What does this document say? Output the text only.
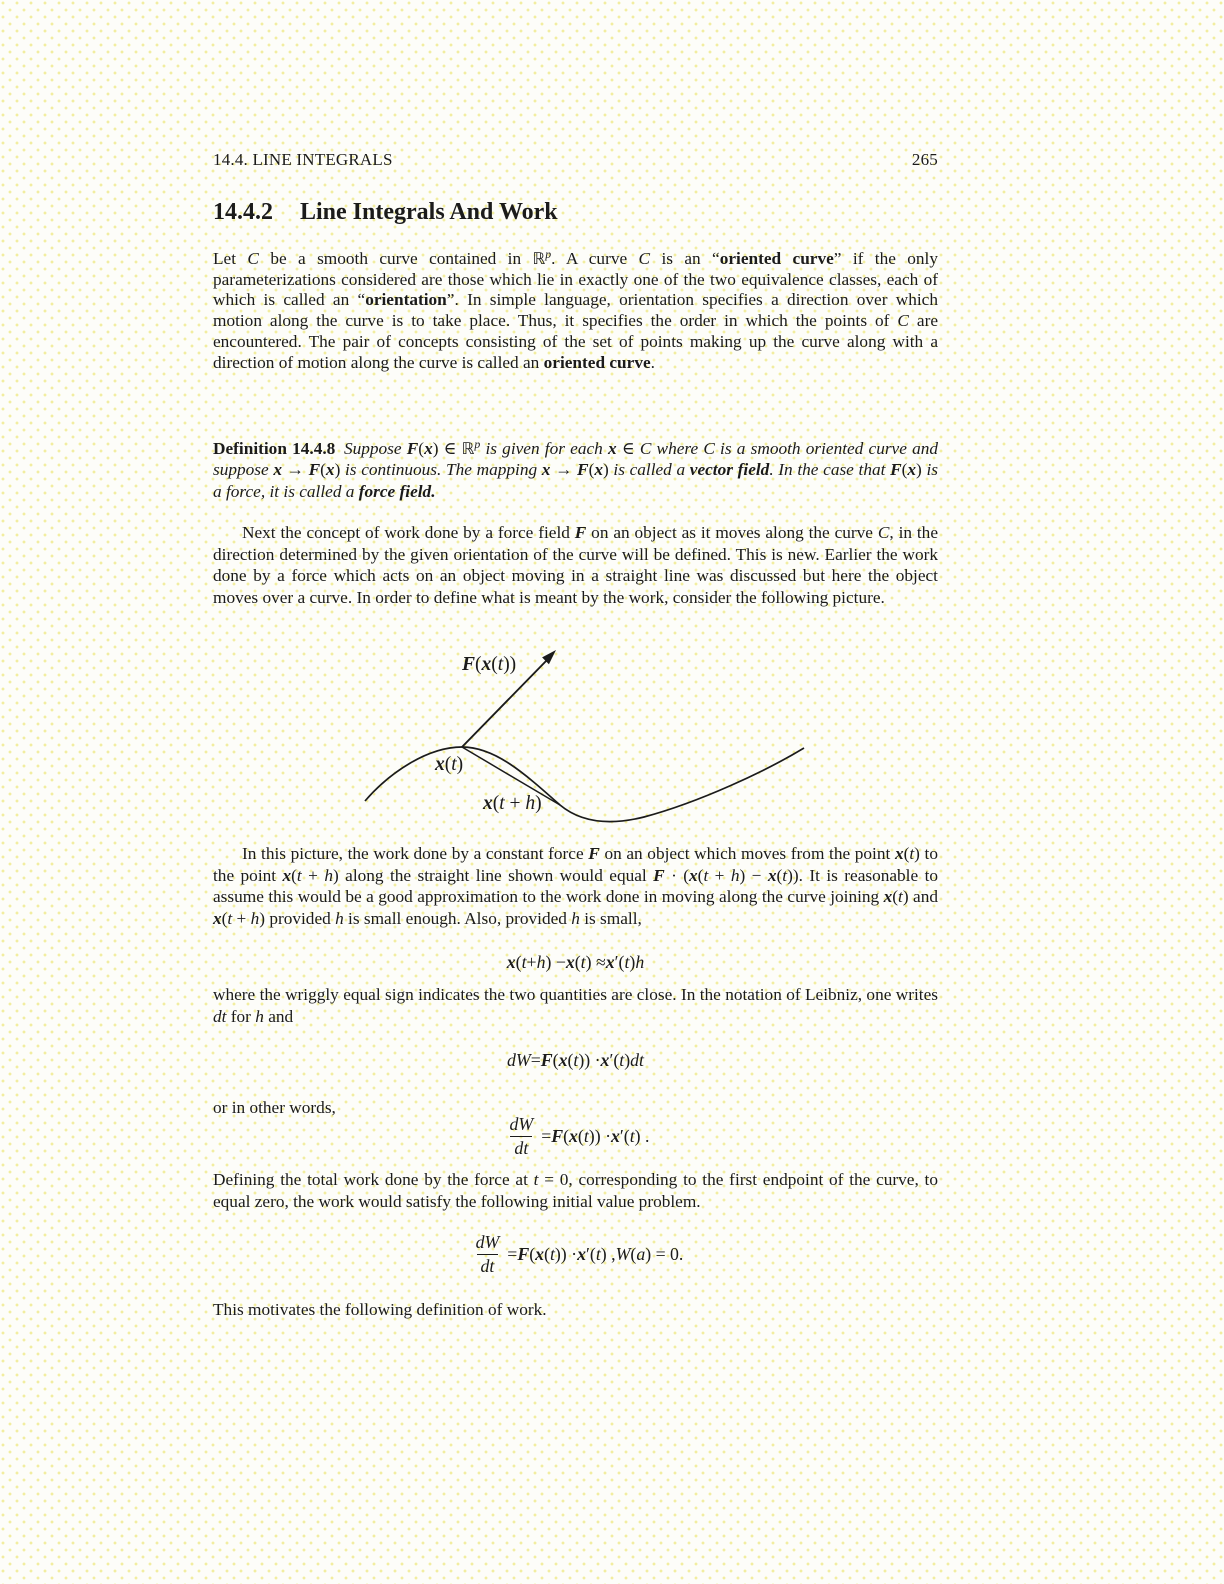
14.4. LINE INTEGRALS	265
14.4.2 Line Integrals And Work
Let C be a smooth curve contained in ℝ$^p$. A curve C is an “oriented curve” if the only parameterizations considered are those which lie in exactly one of the two equivalence classes, each of which is called an “orientation”. In simple language, orientation specifies a direction over which motion along the curve is to take place. Thus, it specifies the order in which the points of C are encountered. The pair of concepts consisting of the set of points making up the curve along with a direction of motion along the curve is called an oriented curve.
Definition 14.4.8 Suppose F(x) ∈ ℝ$^p$ is given for each x ∈ C where C is a smooth oriented curve and suppose x → F(x) is continuous. The mapping x → F(x) is called a vector field. In the case that F(x) is a force, it is called a force field.
Next the concept of work done by a force field F on an object as it moves along the curve C, in the direction determined by the given orientation of the curve will be defined. This is new. Earlier the work done by a force which acts on an object moving in a straight line was discussed but here the object moves over a curve. In order to define what is meant by the work, consider the following picture.
F(x(t))
x(t)
x(t + h)
In this picture, the work done by a constant force F on an object which moves from the point x(t) to the point x(t + h) along the straight line shown would equal F · (x(t + h) − x(t)). It is reasonable to assume this would be a good approximation to the work done in moving along the curve joining x(t) and x(t + h) provided h is small enough. Also, provided h is small,
x ( t + h ) − x ( t ) ≈ x ′( t ) h
where the wriggly equal sign indicates the two quantities are close. In the notation of Leibniz, one writes dt for h and
dW = F ( x ( t )) · x ′( t ) dt
or in other words,
$\frac{dW}{dt} = F$ ( x ( t )) · x ′( t ) .
Defining the total work done by the force at t = 0, corresponding to the first endpoint of the curve, to equal zero, the work would satisfy the following initial value problem.
$\frac{dW}{dt} = F$ ( x ( t )) · x ′( t ) , W ( a ) = 0.
This motivates the following definition of work.
